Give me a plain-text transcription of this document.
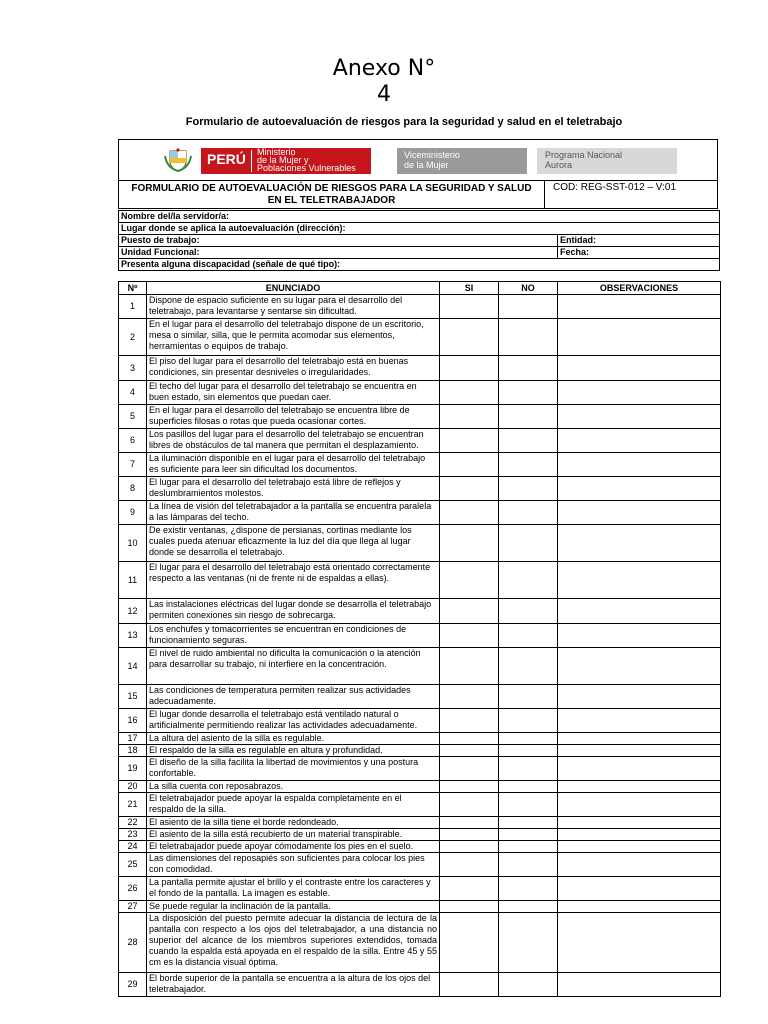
Anexo N°
4
Formulario de autoevaluación de riesgos para la seguridad y salud en el teletrabajo
PERÚ Ministerio
de la Mujer y
Poblaciones Vulnerables
Viceministerio
de la Mujer
Programa Nacional
Aurora
FORMULARIO DE AUTOEVALUACIÓN DE RIESGOS PARA LA SEGURIDAD Y SALUD
EN EL TELETRABAJADOR
COD: REG-SST-012 – V:01
Nombre del/la servidor/a:	
Lugar donde se aplica la autoevaluación (dirección):	
Puesto de trabajo:	Entidad:
Unidad Funcional:	Fecha:
Presenta alguna discapacidad (señale de qué tipo):	
Nº	ENUNCIADO	SI	NO	OBSERVACIONES
1	Dispone de espacio suficiente en su lugar para el desarrollo del teletrabajo, para levantarse y sentarse sin dificultad.			
2	En el lugar para el desarrollo del teletrabajo dispone de un escritorio, mesa o similar, silla, que le permita acomodar sus elementos, herramientas o equipos de trabajo.			
3	El piso del lugar para el desarrollo del teletrabajo está en buenas condiciones, sin presentar desniveles o irregularidades.			
4	El techo del lugar para el desarrollo del teletrabajo se encuentra en buen estado, sin elementos que puedan caer.			
5	En el lugar para el desarrollo del teletrabajo se encuentra libre de superficies filosas o rotas que pueda ocasionar cortes.			
6	Los pasillos del lugar para el desarrollo del teletrabajo se encuentran libres de obstáculos de tal manera que permitan el desplazamiento.			
7	La iluminación disponible en el lugar para el desarrollo del teletrabajo es suficiente para leer sin dificultad los documentos.			
8	El lugar para el desarrollo del teletrabajo está libre de reflejos y deslumbramientos molestos.			
9	La línea de visión del teletrabajador a la pantalla se encuentra paralela a las lámparas del techo.			
10	De existir ventanas, ¿dispone de persianas, cortinas mediante los cuales pueda atenuar eficazmente la luz del día que llega al lugar donde se desarrolla el teletrabajo.			
11	El lugar para el desarrollo del teletrabajo está orientado correctamente respecto a las ventanas (ni de frente ni de espaldas a ellas).			
12	Las instalaciones eléctricas del lugar donde se desarrolla el teletrabajo permiten conexiones sin riesgo de sobrecarga.			
13	Los enchufes y tomacorrientes se encuentran en condiciones de funcionamiento seguras.			
14	El nivel de ruido ambiental no dificulta la comunicación o la atención para desarrollar su trabajo, ni interfiere en la concentración.			
15	Las condiciones de temperatura permiten realizar sus actividades adecuadamente.			
16	El lugar donde desarrolla el teletrabajo está ventilado natural o artificialmente permitiendo realizar las actividades adecuadamente.			
17	La altura del asiento de la silla es regulable.			
18	El respaldo de la silla es regulable en altura y profundidad.			
19	El diseño de la silla facilita la libertad de movimientos y una postura confortable.			
20	La silla cuenta con reposabrazos.			
21	El teletrabajador puede apoyar la espalda completamente en el respaldo de la silla.			
22	El asiento de la silla tiene el borde redondeado.			
23	El asiento de la silla está recubierto de un material transpirable.			
24	El teletrabajador puede apoyar cómodamente los pies en el suelo.			
25	Las dimensiones del reposapiés son suficientes para colocar los pies con comodidad.			
26	La pantalla permite ajustar el brillo y el contraste entre los caracteres y el fondo de la pantalla. La imagen es estable.			
27	Se puede regular la inclinación de la pantalla.			
28	La disposición del puesto permite adecuar la distancia de lectura de la pantalla con respecto a los ojos del teletrabajador, a una distancia no superior del alcance de los miembros superiores extendidos, tomada cuando la espalda está apoyada en el respaldo de la silla. Entre 45 y 55 cm es la distancia visual óptima.			
29	El borde superior de la pantalla se encuentra a la altura de los ojos del teletrabajador.			
